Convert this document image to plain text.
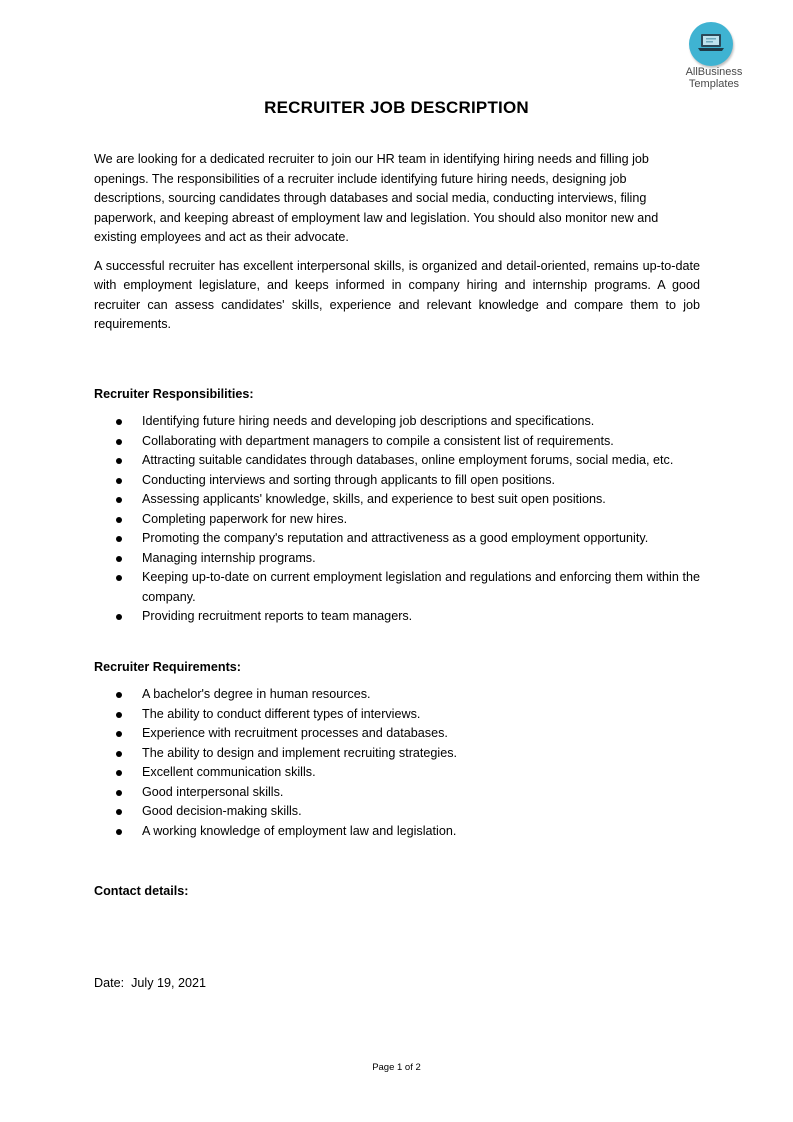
AllBusiness
Templates
RECRUITER JOB DESCRIPTION

We are looking for a dedicated recruiter to join our HR team in identifying hiring needs and filling job openings. The responsibilities of a recruiter include identifying future hiring needs, designing job descriptions, sourcing candidates through databases and social media, conducting interviews, filing paperwork, and keeping abreast of employment law and legislation. You should also monitor new and existing employees and act as their advocate.

A successful recruiter has excellent interpersonal skills, is organized and detail-oriented, remains up-to-date with employment legislature, and keeps informed in company hiring and internship programs. A good recruiter can assess candidates' skills, experience and relevant knowledge and compare them to job requirements.

Recruiter Responsibilities:

Identifying future hiring needs and developing job descriptions and specifications.
Collaborating with department managers to compile a consistent list of requirements.
Attracting suitable candidates through databases, online employment forums, social media, etc.
Conducting interviews and sorting through applicants to fill open positions.
Assessing applicants' knowledge, skills, and experience to best suit open positions.
Completing paperwork for new hires.
Promoting the company's reputation and attractiveness as a good employment opportunity.
Managing internship programs.
Keeping up-to-date on current employment legislation and regulations and enforcing them within the company.
Providing recruitment reports to team managers.

Recruiter Requirements:

A bachelor's degree in human resources.
The ability to conduct different types of interviews.
Experience with recruitment processes and databases.
The ability to design and implement recruiting strategies.
Excellent communication skills.
Good interpersonal skills.
Good decision-making skills.
A working knowledge of employment law and legislation.

Contact details:

Date: July 19, 2021

Page 1 of 2
